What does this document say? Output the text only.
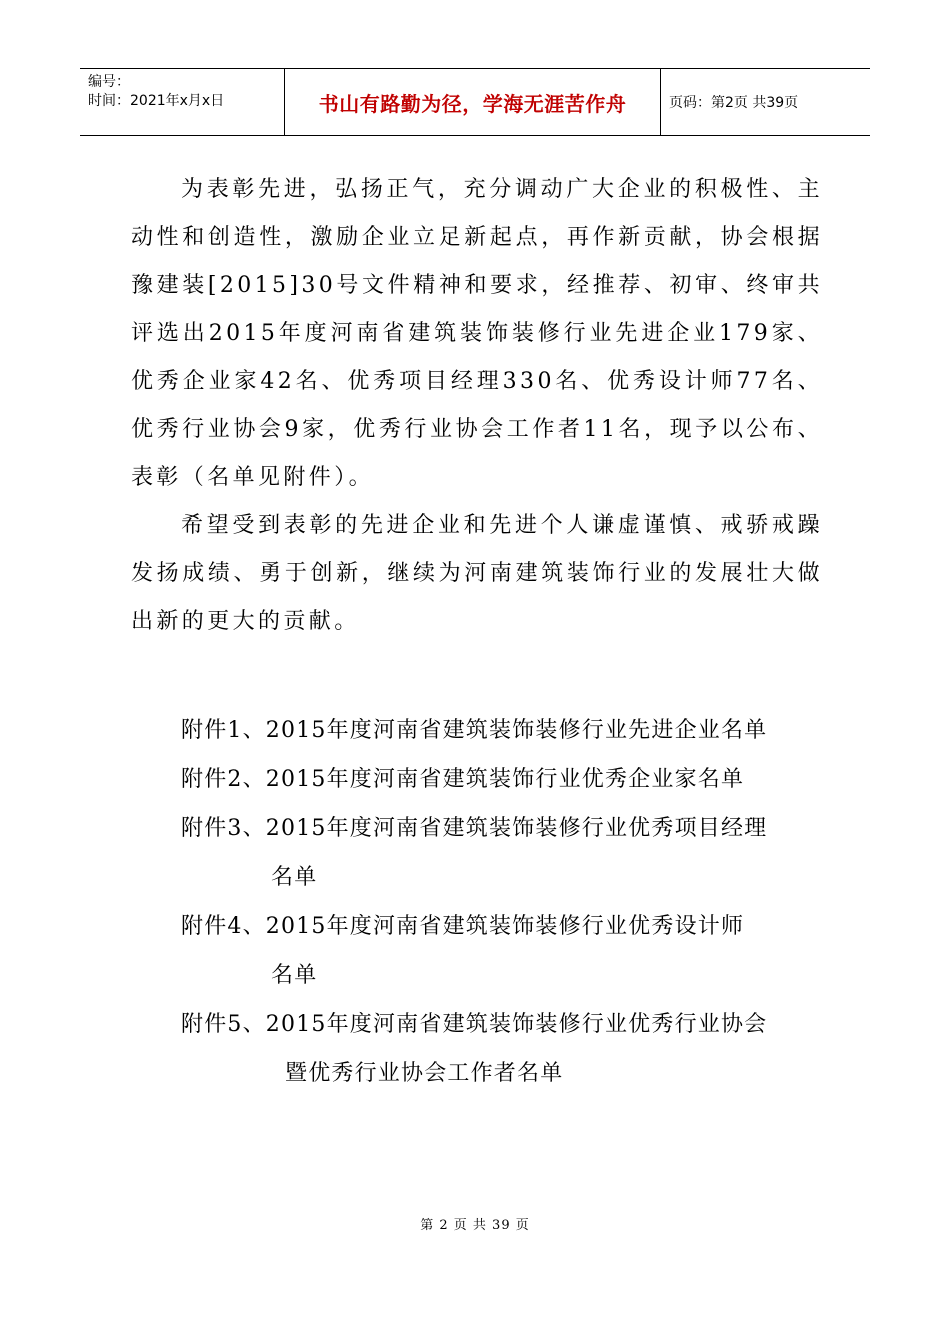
编号：
时间：2021年x月x日	书山有路勤为径，学海无涯苦作舟	页码：第2页 共39页

为表彰先进，弘扬正气，充分调动广大企业的积极性、主动性和创造性，激励企业立足新起点，再作新贡献，协会根据豫建装[2015]30号文件精神和要求，经推荐、初审、终审共评选出2015年度河南省建筑装饰装修行业先进企业179家、优秀企业家42名、优秀项目经理330名、优秀设计师77名、优秀行业协会9家，优秀行业协会工作者11名，现予以公布、表彰（名单见附件）。

希望受到表彰的先进企业和先进个人谦虚谨慎、戒骄戒躁发扬成绩、勇于创新，继续为河南建筑装饰行业的发展壮大做出新的更大的贡献。

附件1、2015年度河南省建筑装饰装修行业先进企业名单
附件2、2015年度河南省建筑装饰行业优秀企业家名单
附件3、2015年度河南省建筑装饰装修行业优秀项目经理
名单
附件4、2015年度河南省建筑装饰装修行业优秀设计师
名单
附件5、2015年度河南省建筑装饰装修行业优秀行业协会
暨优秀行业协会工作者名单
第 2 页 共 39 页
